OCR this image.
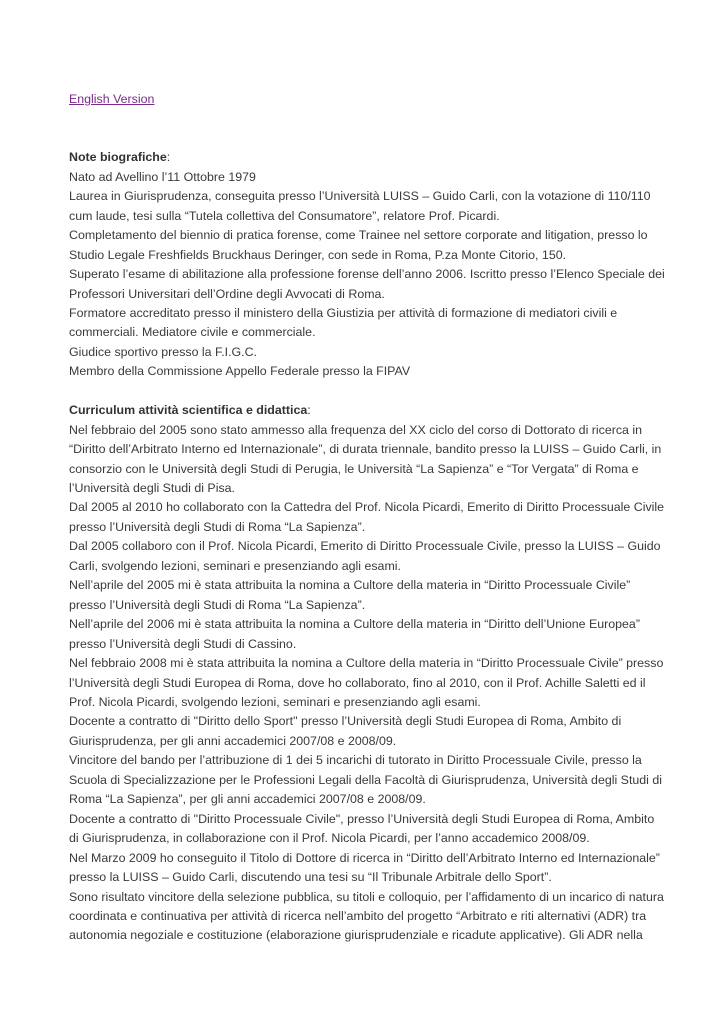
English Version

Note biografiche:

Nato ad Avellino l’11 Ottobre 1979

Laurea in Giurisprudenza, conseguita presso l’Università LUISS – Guido Carli, con la votazione di 110/110

cum laude, tesi sulla “Tutela collettiva del Consumatore”, relatore Prof. Picardi.

Completamento del biennio di pratica forense, come Trainee nel settore corporate and litigation, presso lo

Studio Legale Freshfields Bruckhaus Deringer, con sede in Roma, P.za Monte Citorio, 150.

Superato l’esame di abilitazione alla professione forense dell’anno 2006. Iscritto presso l’Elenco Speciale dei

Professori Universitari dell’Ordine degli Avvocati di Roma.

Formatore accreditato presso il ministero della Giustizia per attività di formazione di mediatori civili e

commerciali. Mediatore civile e commerciale.

Giudice sportivo presso la F.I.G.C.

Membro della Commissione Appello Federale presso la FIPAV

Curriculum attività scientifica e didattica:

Nel febbraio del 2005 sono stato ammesso alla frequenza del XX ciclo del corso di Dottorato di ricerca in

“Diritto dell’Arbitrato Interno ed Internazionale”, di durata triennale, bandito presso la LUISS – Guido Carli, in

consorzio con le Università degli Studi di Perugia, le Università “La Sapienza” e “Tor Vergata” di Roma e

l’Università degli Studi di Pisa.

Dal 2005 al 2010 ho collaborato con la Cattedra del Prof. Nicola Picardi, Emerito di Diritto Processuale Civile

presso l’Università degli Studi di Roma “La Sapienza”.

Dal 2005 collaboro con il Prof. Nicola Picardi, Emerito di Diritto Processuale Civile, presso la LUISS – Guido

Carli, svolgendo lezioni, seminari e presenziando agli esami.

Nell’aprile del 2005 mi è stata attribuita la nomina a Cultore della materia in “Diritto Processuale Civile”

presso l’Università degli Studi di Roma “La Sapienza”.

Nell’aprile del 2006 mi è stata attribuita la nomina a Cultore della materia in “Diritto dell’Unione Europea”

presso l’Università degli Studi di Cassino.

Nel febbraio 2008 mi è stata attribuita la nomina a Cultore della materia in “Diritto Processuale Civile” presso

l’Università degli Studi Europea di Roma, dove ho collaborato, fino al 2010, con il Prof. Achille Saletti ed il

Prof. Nicola Picardi, svolgendo lezioni, seminari e presenziando agli esami.

Docente a contratto di "Diritto dello Sport" presso l’Università degli Studi Europea di Roma, Ambito di

Giurisprudenza, per gli anni accademici 2007/08 e 2008/09.

Vincitore del bando per l’attribuzione di 1 dei 5 incarichi di tutorato in Diritto Processuale Civile, presso la

Scuola di Specializzazione per le Professioni Legali della Facoltà di Giurisprudenza, Università degli Studi di

Roma “La Sapienza”, per gli anni accademici 2007/08 e 2008/09.

Docente a contratto di "Diritto Processuale Civile", presso l’Università degli Studi Europea di Roma, Ambito

di Giurisprudenza, in collaborazione con il Prof. Nicola Picardi, per l’anno accademico 2008/09.

Nel Marzo 2009 ho conseguito il Titolo di Dottore di ricerca in “Diritto dell’Arbitrato Interno ed Internazionale”

presso la LUISS – Guido Carli, discutendo una tesi su “Il Tribunale Arbitrale dello Sport”.

Sono risultato vincitore della selezione pubblica, su titoli e colloquio, per l’affidamento di un incarico di natura

coordinata e continuativa per attività di ricerca nell’ambito del progetto “Arbitrato e riti alternativi (ADR) tra

autonomia negoziale e costituzione (elaborazione giurisprudenziale e ricadute applicative). Gli ADR nella
